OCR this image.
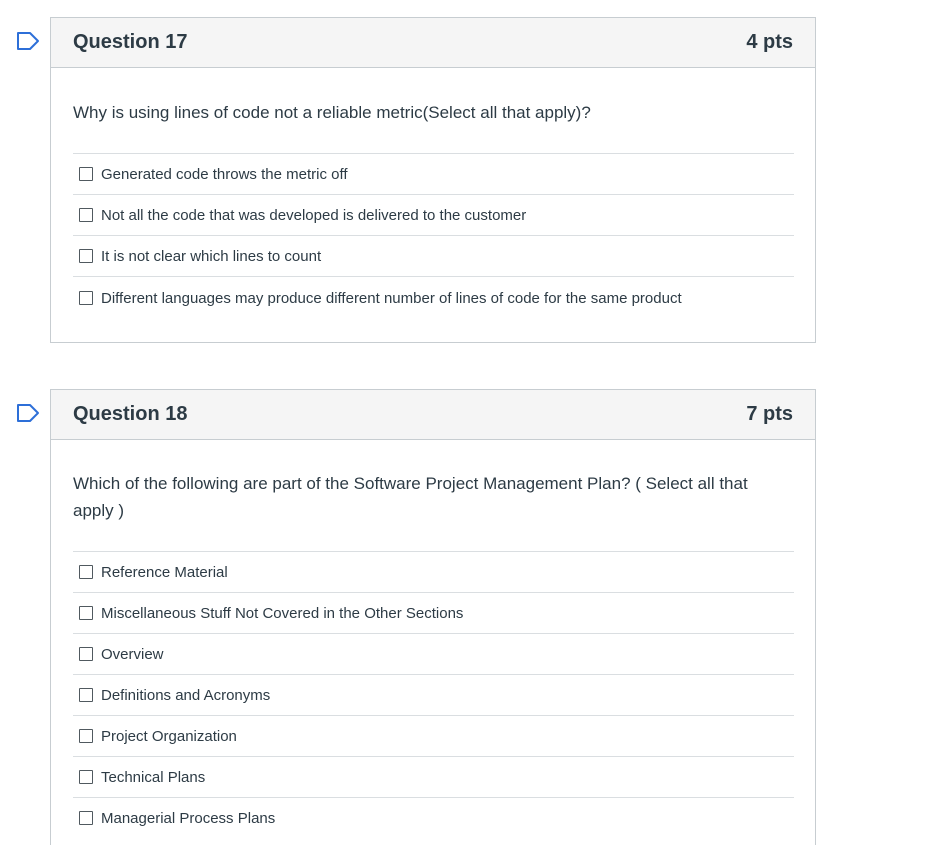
Question 17	4 pts

Why is using lines of code not a reliable metric(Select all that apply)?

Generated code throws the metric off
Not all the code that was developed is delivered to the customer
It is not clear which lines to count
Different languages may produce different number of lines of code for the same product
Question 18	7 pts

Which of the following are part of the Software Project Management Plan? ( Select all that apply )

Reference Material
Miscellaneous Stuff Not Covered in the Other Sections
Overview
Definitions and Acronyms
Project Organization
Technical Plans
Managerial Process Plans
